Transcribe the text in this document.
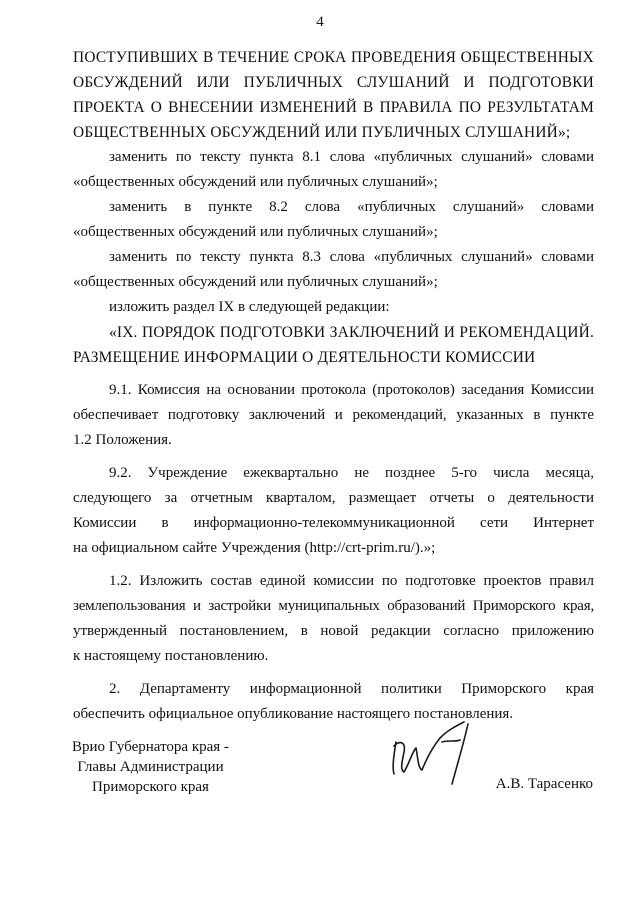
4

ПОСТУПИВШИХ В ТЕЧЕНИЕ СРОКА ПРОВЕДЕНИЯ ОБЩЕСТВЕННЫХ

ОБСУЖДЕНИЙ ИЛИ ПУБЛИЧНЫХ СЛУШАНИЙ И ПОДГОТОВКИ

ПРОЕКТА О ВНЕСЕНИИ ИЗМЕНЕНИЙ В ПРАВИЛА ПО РЕЗУЛЬТАТАМ

ОБЩЕСТВЕННЫХ ОБСУЖДЕНИЙ ИЛИ ПУБЛИЧНЫХ СЛУШАНИЙ»;

заменить по тексту пункта 8.1 слова «публичных слушаний» словами

«общественных обсуждений или публичных слушаний»;

заменить в пункте 8.2 слова «публичных слушаний» словами

«общественных обсуждений или публичных слушаний»;

заменить по тексту пункта 8.3 слова «публичных слушаний» словами

«общественных обсуждений или публичных слушаний»;

изложить раздел IX в следующей редакции:

«IX. ПОРЯДОК ПОДГОТОВКИ ЗАКЛЮЧЕНИЙ И РЕКОМЕНДАЦИЙ.

РАЗМЕЩЕНИЕ ИНФОРМАЦИИ О ДЕЯТЕЛЬНОСТИ КОМИССИИ

9.1. Комиссия на основании протокола (протоколов) заседания Комиссии

обеспечивает подготовку заключений и рекомендаций, указанных в пункте

1.2 Положения.

9.2. Учреждение ежеквартально не позднее 5-го числа месяца,

следующего за отчетным кварталом, размещает отчеты о деятельности

Комиссии в информационно-телекоммуникационной сети Интернет

на официальном сайте Учреждения (http://crt-prim.ru/).»;

1.2. Изложить состав единой комиссии по подготовке проектов правил

землепользования и застройки муниципальных образований Приморского края,

утвержденный постановлением, в новой редакции согласно приложению

к настоящему постановлению.

2. Департаменту информационной политики Приморского края

обеспечить официальное опубликование настоящего постановления.

Врио Губернатора края -
Главы Администрации
Приморского края	А.В. Тарасенко
